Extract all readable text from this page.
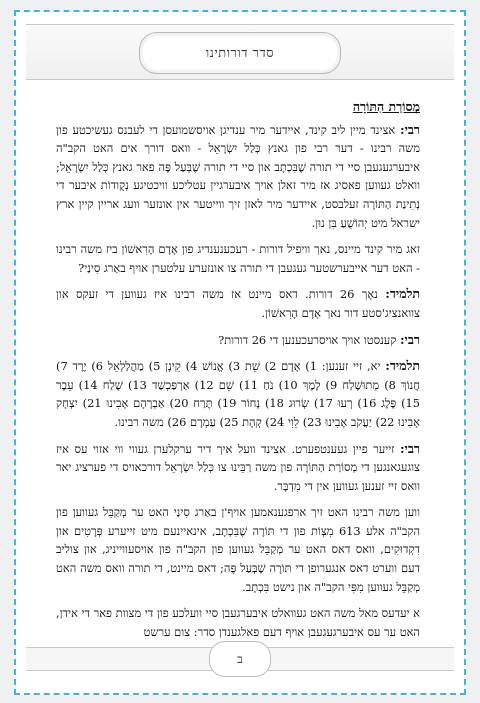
סדר דורותינו
מְסוֹרַת הַתּוֹרָה

רבי: אצינד מיין ליב קינד, איידער מיר ענדיגן אויסשמועסן די לעבנס געשיכטע פון משה רבינו - דער רבי פון גאנץ כְּלַל יִשְׂרָאֵל - וואס דורך אים האט הקב"ה איבערגעגעבן סיי די תורה שֶׁבִּכְתָב און סיי די תורה שֶׁבְּעַל פֶּה פאר גאנץ כְּלַל יִשְׂרָאֵל; וואלט געווען פאסיג אז מיר זאלן אויך איבערגיין עטליכע וויכטיגע נְקֻודוֹת איבער די נְתִינַת הַתּוֹרָה זעלבסט, איידער מיר לאזן זיך ווייטער אין אונזער וועג אריין קיין ארץ ישראל מיט יְהוֹשֻׁעַ בִּן נוּן.

זאג מיר קינד מיינס, נאך וויפיל דורות - רעכענענדיג פון אָדָם הָרִאשׁוֹן ביז משה רבינו - האט דער אייבערשטער געגעבן די תורה צו אונזערע עלטערן אויף באַרג סִינַי?

תלמיד: נאָך 26 דורות. דאס מיינט אז משה רבינו איז געווען די זעקס און צוואנציג'סטע דור נאך אָדָם הָרִאשׁוֹן.

רבי: קענסטו אויך אויסרעכענען די 26 דורות?

תלמיד: יא, זיי זענען: 1) אָדָם 2) שֵׁת 3) אֱנוֹשׁ 4) קֵינָן 5) מַהֲלַלְאֵל 6) יֶרֶד 7) חֲנוֹךְ 8) מְתוּשֶׁלַח 9) לֶמֶךְ 10) נֹחַ 11) שֵׁם 12) אַרְפַּכְשַׁד 13) שֶׁלַח 14) עֵבֶר 15) פֶּלֶג 16) רְעוּ 17) שְׂרוּג 18) נָחוֹר 19) תֶּרַח 20) אַבְרָהָם אָבִינוּ 21) יִצְחָק אָבִינוּ 22) יַעֲקֹב אָבִינוּ 23) לֵוִי 24) קְהָת 25) עַמְרָם 26) משה רבינו.

רבי: זייער פיין געענטפערט. אצינד וועל איך דיר ערקלערן געווי ווי אזוי עס איז צוגעגאנגען די מְסוֹרַת הַתּוֹרָה פון משה רַבֵּינוּ צו כְּלַל יִשְׂרָאֵל דורכאויס די פערציג יאר וואס זיי זענען געווען אין די מִדְבָּר.

ווען משה רבינו האט זיך ארפגענאמען אויף'ן באַרג סִינַי האט ער מְקַבֵּל געווען פון הקב"ה אלע 613 מִצְוֹת פון די תּוֹרָה שֶׁבִּכְתָב, אינאיינעם מיט זייערע פְּרָטִים און דִקְדוּקִים, וואס דאס האט ער מְקַבֵּל געווען פון הקב"ה פון אויסעווייניג, און צוליב דעם ווערט דאס אנגערופן די תּוֹרָה שֶׁבְּעַל פֶּה; דאס מיינט, די תורה וואס משה האט מְקַבֵּל געווען מִפִּי הקב"ה און נישט בִּכְתָב.

א יעדעס מאל משה האט געוואלט איבערגעבן סיי וועלכע פון די מצוות פאר די אידן, האט ער עס איבערגעגעבן אויף דעם פאלגענדן סדר: צום ערשט

ב
